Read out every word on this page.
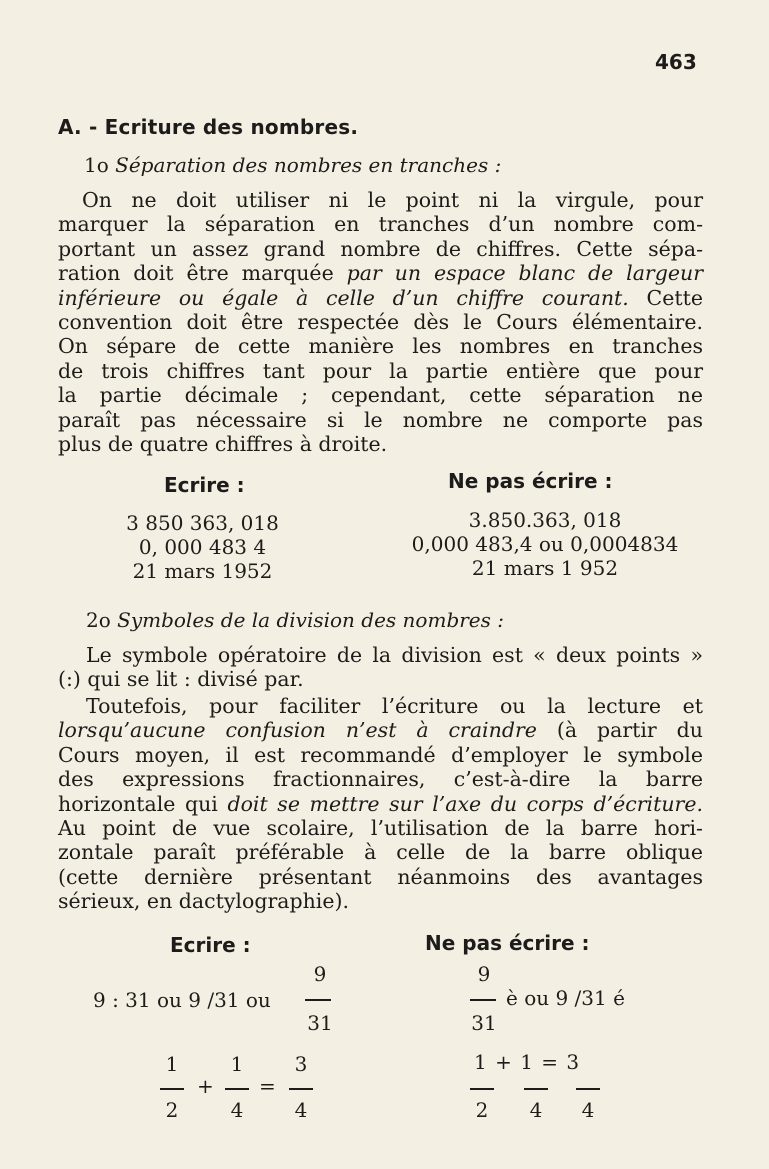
463
A. - Ecriture des nombres.
1o Séparation des nombres en tranches :
On ne doit utiliser ni le point ni la virgule, pour
marquer la séparation en tranches d’un nombre com-
portant un assez grand nombre de chiffres. Cette sépa-
ration doit être marquée par un espace blanc de largeur
inférieure ou égale à celle d’un chiffre courant. Cette
convention doit être respectée dès le Cours élémentaire.
On sépare de cette manière les nombres en tranches
de trois chiffres tant pour la partie entière que pour
la partie décimale ; cependant, cette séparation ne
paraît pas nécessaire si le nombre ne comporte pas
plus de quatre chiffres à droite.
Ecrire :	Ne pas écrire :
3 850 363, 018
0, 000 483 4
21 mars 1952
3.850.363, 018
0,000 483,4 ou 0,0004834
21 mars 1 952
2o Symboles de la division des nombres :
Le symbole opératoire de la division est « deux points »
(:) qui se lit : divisé par.
Toutefois, pour faciliter l’écriture ou la lecture et
lorsqu’aucune confusion n’est à craindre (à partir du
Cours moyen, il est recommandé d’employer le symbole
des expressions fractionnaires, c’est-à-dire la barre
horizontale qui doit se mettre sur l’axe du corps d’écriture.
Au point de vue scolaire, l’utilisation de la barre hori-
zontale paraît préférable à celle de la barre oblique
(cette dernière présentant néanmoins des avantages
sérieux, en dactylographie).
Ecrire :	Ne pas écrire :
9 : 31 ou 9 /31 ou
9
31
9
31
è ou 9 /31 é
1
2
+
1
4
=
3
4
1 + 1 = 3
2 4 4
